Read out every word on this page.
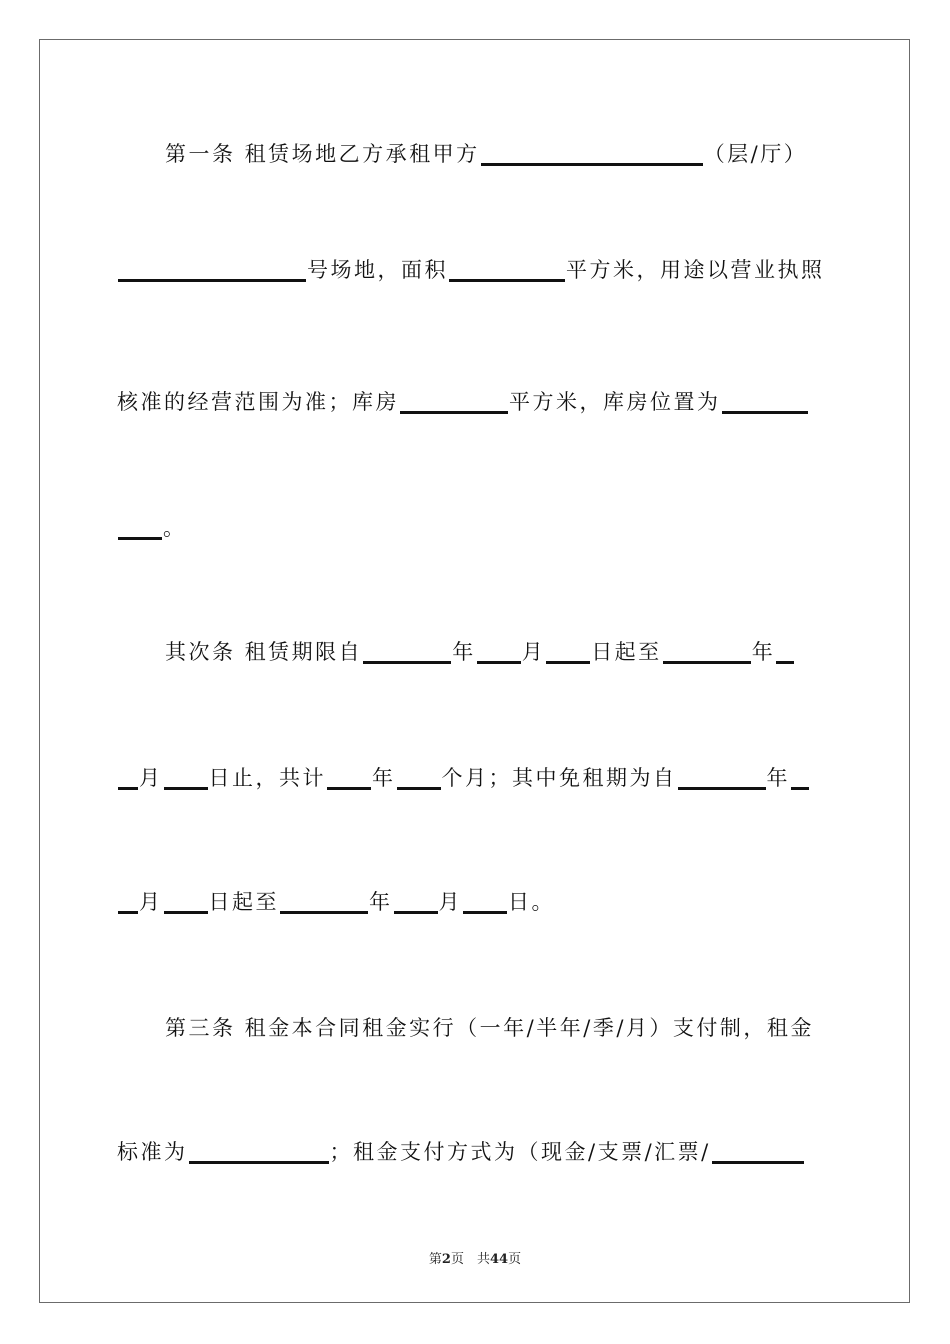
第一条 租赁场地乙方承租甲方	（层/厅）
号场地，面积	平方米，用途以营业执照
核准的经营范围为准；库房	平方米，库房位置为
。
其次条 租赁期限自	年 月 日起至	年
月 日止，共计 年 个月；其中免租期为自	年
月 日起至	年 月 日。
第三条 租金本合同租金实行（一年/半年/季/月）支付制，租金
标准为	；租金支付方式为（现金/支票/汇票/
第2页　共44页
